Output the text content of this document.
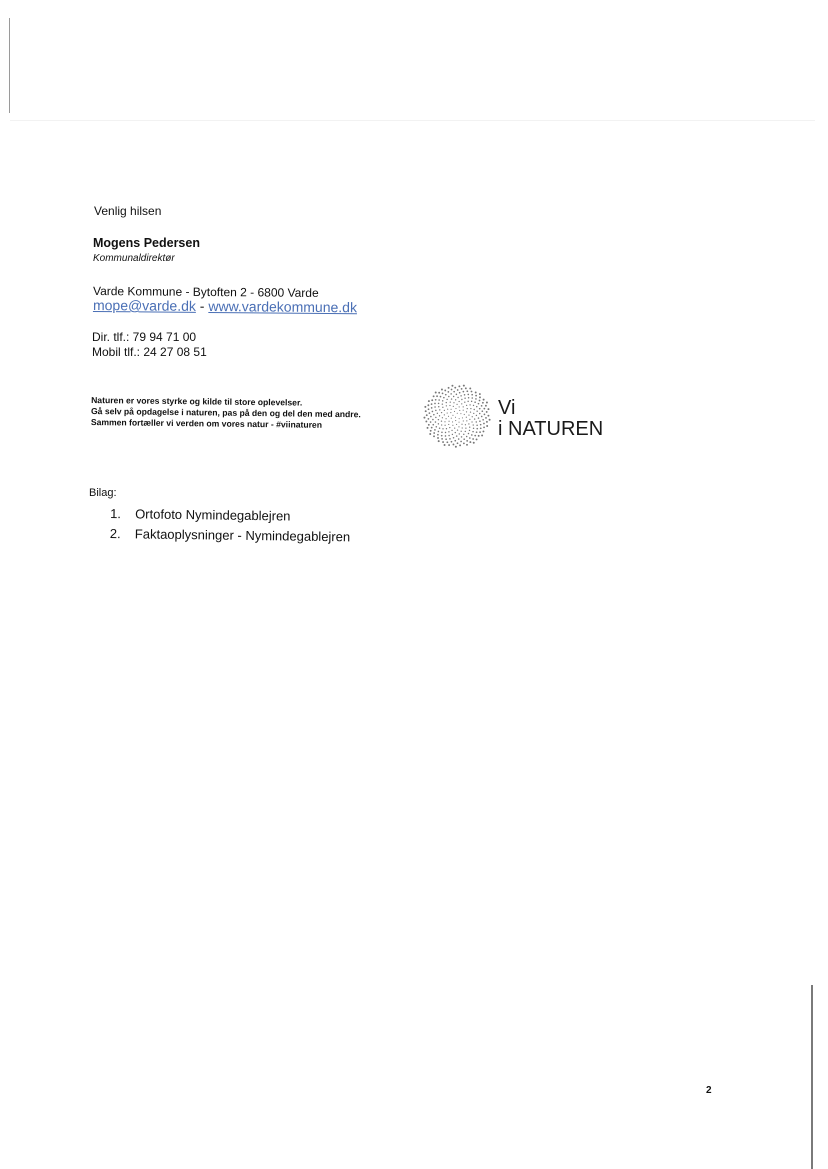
Venlig hilsen
Mogens Pedersen
Kommunaldirektør
Varde Kommune - Bytoften 2 - 6800 Varde
mope@varde.dk - www.vardekommune.dk
Dir. tlf.: 79 94 71 00
Mobil tlf.: 24 27 08 51
Naturen er vores styrke og kilde til store oplevelser.
Gå selv på opdagelse i naturen, pas på den og del den med andre.
Sammen fortæller vi verden om vores natur - #viinaturen
Vi
i NATUREN
Bilag:
1.	Ortofoto Nymindegablejren
2.	Faktaoplysninger - Nymindegablejren
2
